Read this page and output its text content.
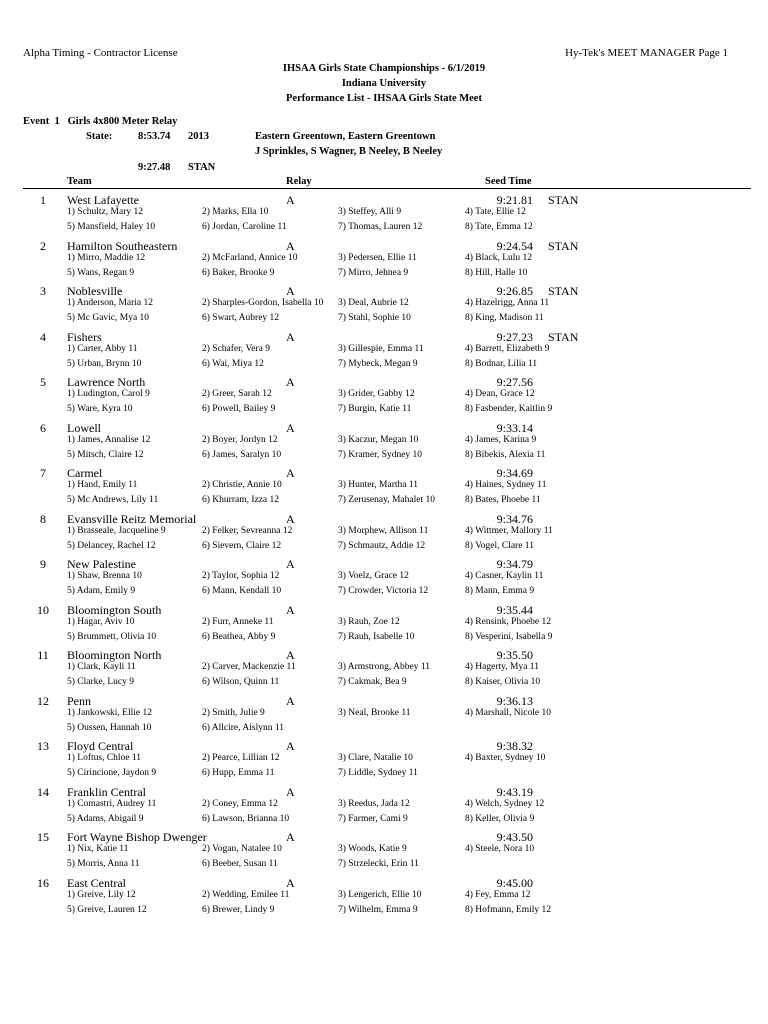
Alpha Timing - Contractor License	Hy-Tek's MEET MANAGER Page 1
IHSAA Girls State Championships - 6/1/2019
Indiana University
Performance List - IHSAA Girls State Meet
Event  1   Girls 4x800 Meter Relay
State: 8:53.74 2013	Eastern Greentown, Eastern Greentown
J Sprinkles, S Wagner, B Neeley, B Neeley
9:27.48 STAN
Team	Relay	Seed Time
1	West Lafayette	A	9:21.81 STAN
1) Schultz, Mary 12	2) Marks, Ella 10	3) Steffey, Alli 9	4) Tate, Ellie 12
5) Mansfield, Haley 10	6) Jordan, Caroline 11	7) Thomas, Lauren 12	8) Tate, Emma 12
2	Hamilton Southeastern	A	9:24.54 STAN
1) Mirro, Maddie 12	2) McFarland, Annice 10	3) Pedersen, Ellie 11	4) Black, Lulu 12
5) Wans, Regan 9	6) Baker, Brooke 9	7) Mirro, Jehnea 9	8) Hill, Halle 10
3	Noblesville	A	9:26.85 STAN
1) Anderson, Maria 12	2) Sharples-Gordon, Isabella 10 3) Deal, Aubrie 12	4) Hazelrigg, Anna 11
5) Mc Gavic, Mya 10	6) Swart, Aubrey 12	7) Stahl, Sophie 10	8) King, Madison 11
4	Fishers	A	9:27.23 STAN
1) Carter, Abby 11	2) Schafer, Vera 9	3) Gillespie, Emma 11	4) Barrett, Elizabeth 9
5) Urban, Brynn 10	6) Wai, Miya 12	7) Mybeck, Megan 9	8) Bodnar, Lilia 11
5	Lawrence North	A	9:27.56
1) Ludington, Carol 9	2) Greer, Sarah 12	3) Grider, Gabby 12	4) Dean, Grace 12
5) Ware, Kyra 10	6) Powell, Bailey 9	7) Burgin, Katie 11	8) Fasbender, Kaitlin 9
6	Lowell	A	9:33.14
1) James, Annalise 12	2) Boyer, Jordyn 12	3) Kaczur, Megan 10	4) James, Karina 9
5) Mitsch, Claire 12	6) James, Saralyn 10	7) Kramer, Sydney 10	8) Bibekis, Alexia 11
7	Carmel	A	9:34.69
1) Hand, Emily 11	2) Christie, Annie 10	3) Hunter, Martha 11	4) Haines, Sydney 11
5) Mc Andrews, Lily 11	6) Khurram, Izza 12	7) Zerusenay, Mahalet 10	8) Bates, Phoebe 11
8	Evansville Reitz Memorial	A	9:34.76
1) Brasseale, Jacqueline 9	2) Felker, Sevreanna 12	3) Morphew, Allison 11	4) Wittmer, Mallory 11
5) Delancey, Rachel 12	6) Sievern, Claire 12	7) Schmautz, Addie 12	8) Vogel, Clare 11
9	New Palestine	A	9:34.79
1) Shaw, Brenna 10	2) Taylor, Sophia 12	3) Voelz, Grace 12	4) Casner, Kaylin 11
5) Adam, Emily 9	6) Mann, Kendall 10	7) Crowder, Victoria 12	8) Mann, Emma 9
10	Bloomington South	A	9:35.44
1) Hagar, Aviv 10	2) Furr, Anneke 11	3) Rauh, Zoe 12	4) Rensink, Phoebe 12
5) Brummett, Olivia 10	6) Beathea, Abby 9	7) Rauh, Isabelle 10	8) Vesperini, Isabella 9
11	Bloomington North	A	9:35.50
1) Clark, Kayli 11	2) Carver, Mackenzie 11	3) Armstrong, Abbey 11	4) Hagerty, Mya 11
5) Clarke, Lucy 9	6) Wilson, Quinn 11	7) Cakmak, Bea 9	8) Kaiser, Olivia 10
12	Penn	A	9:36.13
1) Jankowski, Ellie 12	2) Smith, Julie 9	3) Neal, Brooke 11	4) Marshall, Nicole 10
5) Oussen, Hannah 10	6) Allcire, Aislynn 11
13	Floyd Central	A	9:38.32
1) Loftus, Chloe 11	2) Pearce, Lillian 12	3) Clare, Natalie 10	4) Baxter, Sydney 10
5) Cirincione, Jaydon 9	6) Hupp, Emma 11	7) Liddle, Sydney 11
14	Franklin Central	A	9:43.19
1) Comastri, Audrey 11	2) Coney, Emma 12	3) Reedus, Jada 12	4) Welch, Sydney 12
5) Adams, Abigail 9	6) Lawson, Brianna 10	7) Farmer, Cami 9	8) Keller, Olivia 9
15	Fort Wayne Bishop Dwenger	A	9:43.50
1) Nix, Katie 11	2) Vogan, Natalee 10	3) Woods, Katie 9	4) Steele, Nora 10
5) Morris, Anna 11	6) Beeber, Susan 11	7) Strzelecki, Erin 11
16	East Central	A	9:45.00
1) Greive, Lily 12	2) Wedding, Emilee 11	3) Lengerich, Ellie 10	4) Fey, Emma 12
5) Greive, Lauren 12	6) Brewer, Lindy 9	7) Wilhelm, Emma 9	8) Hofmann, Emily 12
